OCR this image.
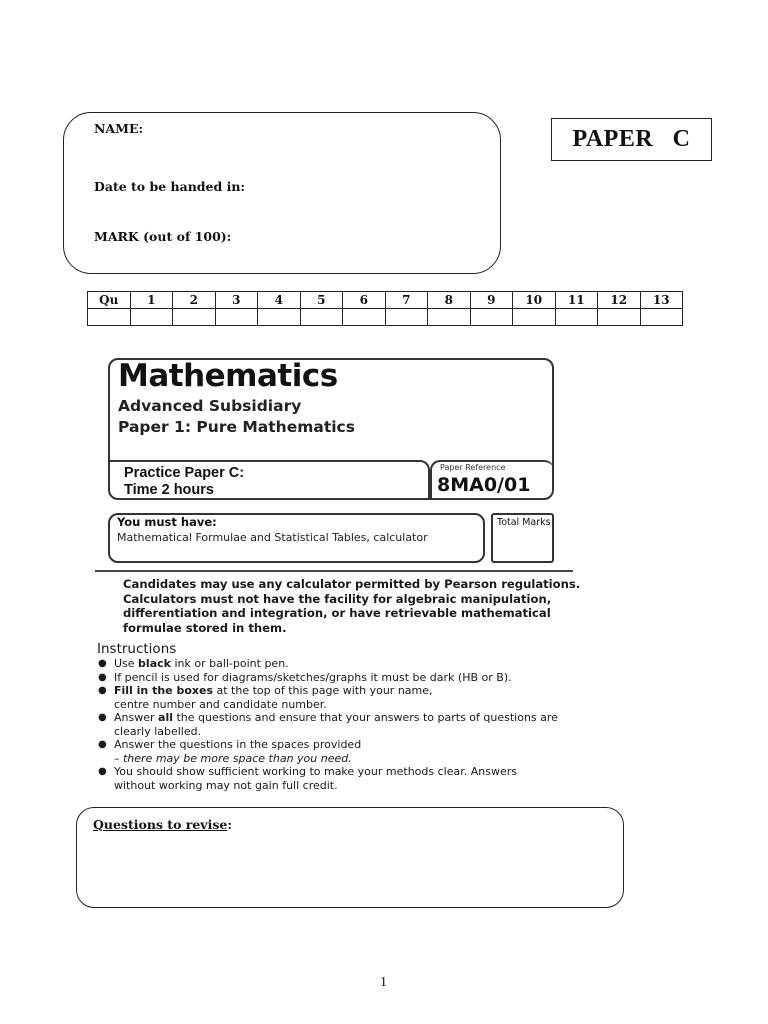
NAME:
Date to be handed in:
MARK (out of 100):
PAPER   C
Qu	1	2	3	4	5	6	7	8	9	10	11	12	13

Mathematics
Advanced Subsidiary
Paper 1: Pure Mathematics
Practice Paper C:
Time 2 hours
Paper Reference
8MA0/01
You must have:
Mathematical Formulae and Statistical Tables, calculator
Total Marks
Candidates may use any calculator permitted by Pearson regulations.
Calculators must not have the facility for algebraic manipulation,
differentiation and integration, or have retrievable mathematical
formulae stored in them.
Instructions
● Use black ink or ball-point pen.
● If pencil is used for diagrams/sketches/graphs it must be dark (HB or B).
● Fill in the boxes at the top of this page with your name,
centre number and candidate number.
● Answer all the questions and ensure that your answers to parts of questions are
clearly labelled.
● Answer the questions in the spaces provided
– there may be more space than you need.
● You should show sufficient working to make your methods clear. Answers
without working may not gain full credit.
Questions to revise:
1
